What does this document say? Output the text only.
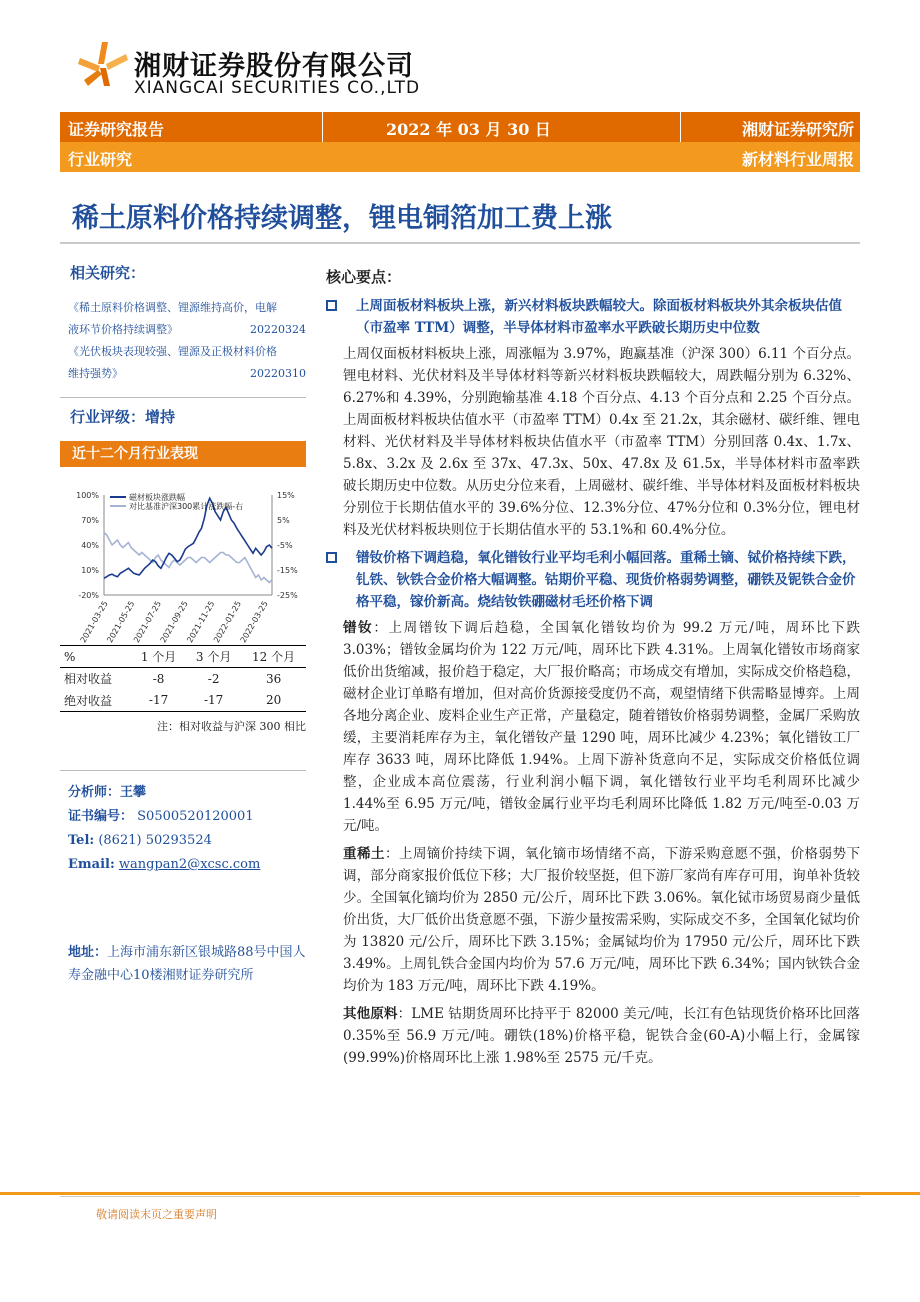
湘财证券股份有限公司
XIANGCAI SECURITIES CO.,LTD
证券研究报告	2022 年 03 月 30 日	湘财证券研究所
行业研究	新材料行业周报
稀土原料价格持续调整，锂电铜箔加工费上涨
相关研究：
《稀土原料价格调整、锂源维持高价，电解
液环节价格持续调整》	20220324
《光伏板块表现较强、锂源及正极材料价格
维持强势》	20220310
行业评级：增持
近十二个月行业表现
100%
70%
40%
10%
-20%
15%
5%
-5%
-15%
-25%
2021-03-25
2021-05-25
2021-07-25
2021-09-25
2021-11-25
2022-01-25
2022-03-25
磁材板块涨跌幅
对比基准沪深300累计涨跌幅-右
%	1 个月	3 个月	12 个月
相对收益	-8	-2	36
绝对收益	-17	-17	20
注：相对收益与沪深 300 相比
分析师：王攀
证书编号： S0500520120001
Tel: (8621) 50293524
Email: wangpan2@xcsc.com
地址：上海市浦东新区银城路88号中国人寿金融中心10楼湘财证券研究所
核心要点：
上周面板材料板块上涨，新兴材料板块跌幅较大。除面板材料板块外其余板块估值（市盈率 TTM）调整，半导体材料市盈率水平跌破长期历史中位数
上周仅面板材料板块上涨，周涨幅为 3.97%，跑赢基准（沪深 300）6.11 个百分点。锂电材料、光伏材料及半导体材料等新兴材料板块跌幅较大，周跌幅分别为 6.32%、6.27%和 4.39%，分别跑输基准 4.18 个百分点、4.13 个百分点和 2.25 个百分点。上周面板材料板块估值水平（市盈率 TTM）0.4x 至 21.2x，其余磁材、碳纤维、锂电材料、光伏材料及半导体材料板块估值水平（市盈率 TTM）分别回落 0.4x、1.7x、5.8x、3.2x 及 2.6x 至 37x、47.3x、50x、47.8x 及 61.5x，半导体材料市盈率跌破长期历史中位数。从历史分位来看，上周磁材、碳纤维、半导体材料及面板材料板块分别位于长期估值水平的 39.6%分位、12.3%分位、47%分位和 0.3%分位，锂电材料及光伏材料板块则位于长期估值水平的 53.1%和 60.4%分位。
镨钕价格下调趋稳，氧化镨钕行业平均毛利小幅回落。重稀土镝、铽价格持续下跌，钆铁、钬铁合金价格大幅调整。钴期价平稳、现货价格弱势调整，硼铁及铌铁合金价格平稳，镓价新高。烧结钕铁硼磁材毛坯价格下调
镨钕：上周镨钕下调后趋稳，全国氧化镨钕均价为 99.2 万元/吨，周环比下跌 3.03%；镨钕金属均价为 122 万元/吨，周环比下跌 4.31%。上周氧化镨钕市场商家低价出货缩减，报价趋于稳定，大厂报价略高；市场成交有增加，实际成交价格趋稳，磁材企业订单略有增加，但对高价货源接受度仍不高，观望情绪下供需略显博弈。上周各地分离企业、废料企业生产正常，产量稳定，随着镨钕价格弱势调整，金属厂采购放缓，主要消耗库存为主，氧化镨钕产量 1290 吨，周环比减少 4.23%；氧化镨钕工厂库存 3633 吨，周环比降低 1.94%。上周下游补货意向不足，实际成交价格低位调整，企业成本高位震荡，行业利润小幅下调，氧化镨钕行业平均毛利周环比减少 1.44%至 6.95 万元/吨，镨钕金属行业平均毛利周环比降低 1.82 万元/吨至-0.03 万元/吨。
重稀土：上周镝价持续下调，氧化镝市场情绪不高，下游采购意愿不强，价格弱势下调，部分商家报价低位下移；大厂报价较坚挺，但下游厂家尚有库存可用，询单补货较少。全国氧化镝均价为 2850 元/公斤，周环比下跌 3.06%。氧化铽市场贸易商少量低价出货，大厂低价出货意愿不强，下游少量按需采购，实际成交不多，全国氧化铽均价为 13820 元/公斤，周环比下跌 3.15%；金属铽均价为 17950 元/公斤，周环比下跌 3.49%。上周钆铁合金国内均价为 57.6 万元/吨，周环比下跌 6.34%；国内钬铁合金均价为 183 万元/吨，周环比下跌 4.19%。
其他原料：LME 钴期货周环比持平于 82000 美元/吨，长江有色钴现货价格环比回落 0.35%至 56.9 万元/吨。硼铁(18%)价格平稳，铌铁合金(60-A)小幅上行，金属镓(99.99%)价格周环比上涨 1.98%至 2575 元/千克。
敬请阅读末页之重要声明
